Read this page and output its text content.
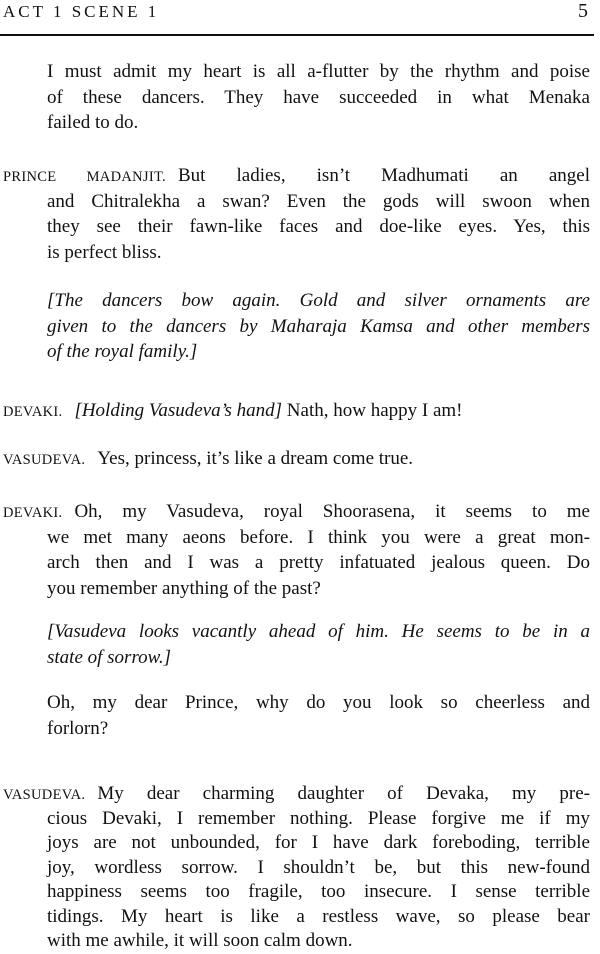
ACT 1 SCENE 1	5
I must admit my heart is all a-flutter by the rhythm and poise
of these dancers. They have succeeded in what Menaka
failed to do.
PRINCE MADANJIT. But ladies, isn’t Madhumati an angel
and Chitralekha a swan? Even the gods will swoon when
they see their fawn-like faces and doe-like eyes. Yes, this
is perfect bliss.
[The dancers bow again. Gold and silver ornaments are
given to the dancers by Maharaja Kamsa and other members
of the royal family.]
DEVAKI. [Holding Vasudeva’s hand] Nath, how happy I am!
VASUDEVA. Yes, princess, it’s like a dream come true.
DEVAKI. Oh, my Vasudeva, royal Shoorasena, it seems to me
we met many aeons before. I think you were a great mon-
arch then and I was a pretty infatuated jealous queen. Do
you remember anything of the past?
[Vasudeva looks vacantly ahead of him. He seems to be in a
state of sorrow.]
Oh, my dear Prince, why do you look so cheerless and
forlorn?
VASUDEVA. My dear charming daughter of Devaka, my pre-
cious Devaki, I remember nothing. Please forgive me if my
joys are not unbounded, for I have dark foreboding, terrible
joy, wordless sorrow. I shouldn’t be, but this new-found
happiness seems too fragile, too insecure. I sense terrible
tidings. My heart is like a restless wave, so please bear
with me awhile, it will soon calm down.
